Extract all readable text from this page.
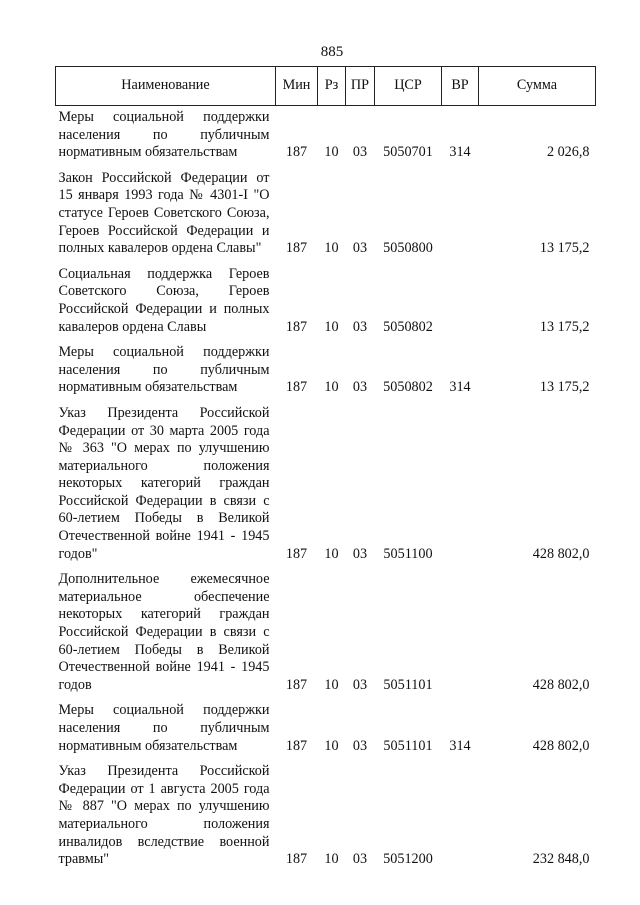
885
Наименование	Мин	Рз	ПР	ЦСР	ВР	Сумма
Меры социальной поддержки населения по публичным нормативным обязательствам	187	10	03	5050701	314	2 026,8
Закон Российской Федерации от 15 января 1993 года № 4301-I "О статусе Героев Советского Союза, Героев Российской Федерации и полных кавалеров ордена Славы"	187	10	03	5050800		13 175,2
Социальная поддержка Героев Советского Союза, Героев Российской Федерации и полных кавалеров ордена Славы	187	10	03	5050802		13 175,2
Меры социальной поддержки населения по публичным нормативным обязательствам	187	10	03	5050802	314	13 175,2
Указ Президента Российской Федерации от 30 марта 2005 года № 363 "О мерах по улучшению материального положения некоторых категорий граждан Российской Федерации в связи с 60-летием Победы в Великой Отечественной войне 1941 - 1945 годов"	187	10	03	5051100		428 802,0
Дополнительное ежемесячное материальное обеспечение некоторых категорий граждан Российской Федерации в связи с 60-летием Победы в Великой Отечественной войне 1941 - 1945 годов	187	10	03	5051101		428 802,0
Меры социальной поддержки населения по публичным нормативным обязательствам	187	10	03	5051101	314	428 802,0
Указ Президента Российской Федерации от 1 августа 2005 года № 887 "О мерах по улучшению материального положения инвалидов вследствие военной травмы"	187	10	03	5051200		232 848,0
